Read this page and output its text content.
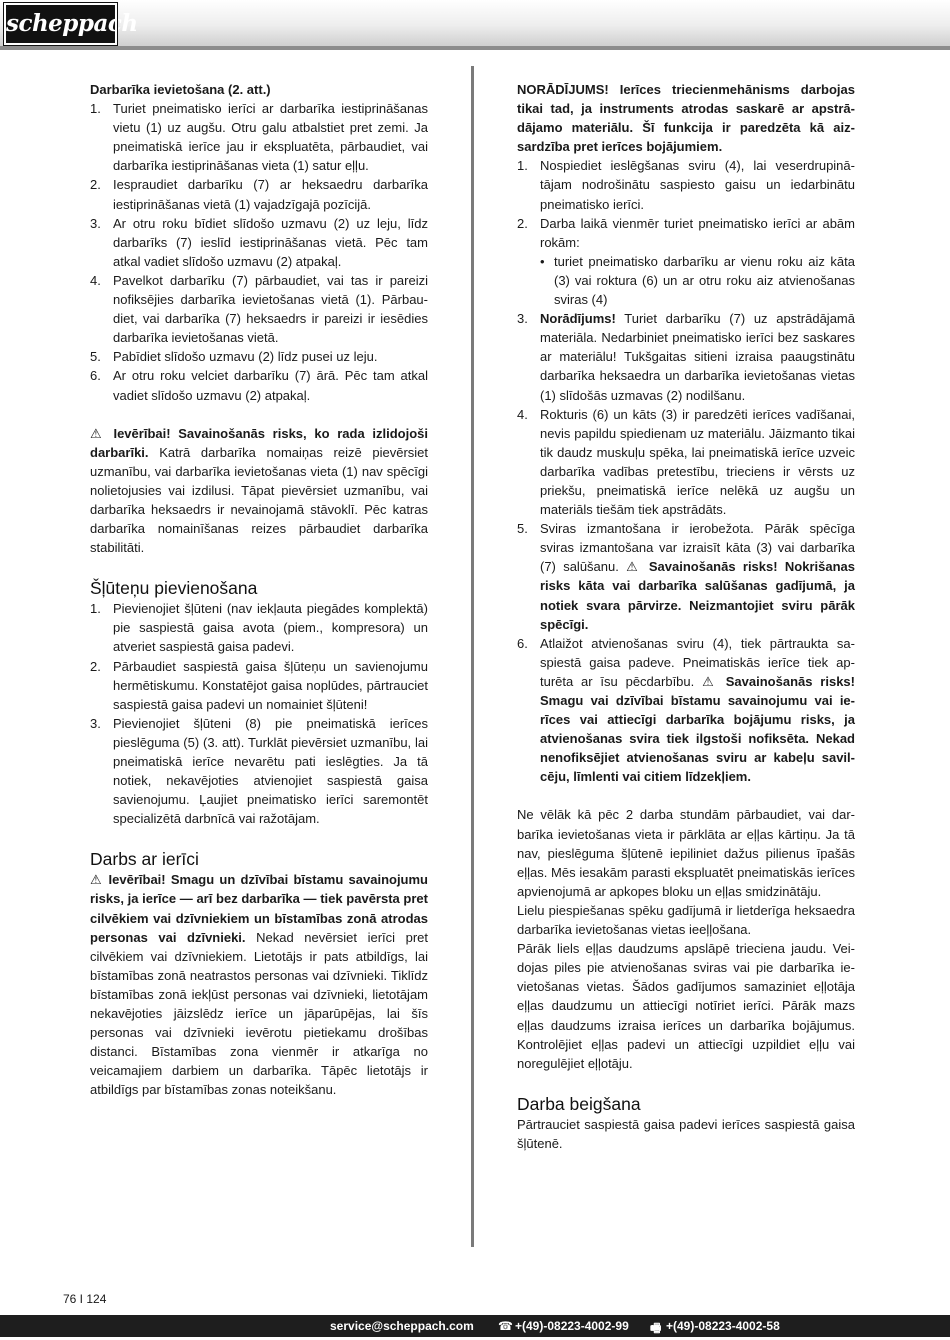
scheppach

Darbarīka ievietošana (2. att.)

1. Turiet pneimatisko ierīci ar darbarīka iestiprināšanas vietu (1) uz augšu. Otru galu atbalstiet pret zemi. Ja pneimatiskā ierīce jau ir ekspluatēta, pārbaudiet, vai darbarīka iestiprināšanas vieta (1) satur eļļu.
2. Iespraudiet darbarīku (7) ar heksaedru darbarīka iestiprināšanas vietā (1) vajadzīgajā pozīcijā.
3. Ar otru roku bīdiet slīdošo uzmavu (2) uz leju, līdz darbarīks (7) ieslīd iestiprināšanas vietā. Pēc tam atkal vadiet slīdošo uzmavu (2) atpakaļ.
4. Pavelkot darbarīku (7) pārbaudiet, vai tas ir pareizi nofiksējies darbarīka ievietošanas vietā (1). Pārbaudiet, vai darbarīka (7) heksaedrs ir pareizi ir iesēdies darbarīka ievietošanas vietā.
5. Pabīdiet slīdošo uzmavu (2) līdz pusei uz leju.
6. Ar otru roku velciet darbarīku (7) ārā. Pēc tam atkal vadiet slīdošo uzmavu (2) atpakaļ.

⚠ Ievērībai! Savainošanās risks, ko rada izlidojoši darbarīki. Katrā darbarīka nomaiņas reizē pievērsiet uzmanību, vai darbarīka ievietošanas vieta (1) nav spēcīgi nolietojusies vai izdilusi. Tāpat pievērsiet uzmanību, vai darbarīka heksaedrs ir nevainojamā stāvoklī. Pēc katras darbarīka nomainīšanas reizes pārbaudiet darbarīka stabilitāti.

Šļūteņu pievienošana
1. Pievienojiet šļūteni (nav iekļauta piegādes komplektā) pie saspiestā gaisa avota (piem., kompresora) un atveriet saspiestā gaisa padevi.
2. Pārbaudiet saspiestā gaisa šļūteņu un savienojumu hermētiskumu. Konstatējot gaisa noplūdes, pārtrauciet saspiestā gaisa padevi un nomainiet šļūteni!
3. Pievienojiet šļūteni (8) pie pneimatiskā ierīces pieslēguma (5) (3. att). Turklāt pievērsiet uzmanību, lai pneimatiskā ierīce nevarētu pati ieslēgties. Ja tā notiek, nekavējoties atvienojiet saspiestā gaisa savienojumu. Ļaujiet pneimatisko ierīci saremontēt specializētā darbnīcā vai ražotājam.
Darbs ar ierīci

⚠ Ievērībai! Smagu un dzīvībai bīstamu savainojumu risks, ja ierīce — arī bez darbarīka — tiek pavērsta pret cilvēkiem vai dzīvniekiem un bīstamības zonā atrodas personas vai dzīvnieki. Nekad nevērsiet ierīci pret cilvēkiem vai dzīvniekiem. Lietotājs ir pats atbildīgs, lai bīstamības zonā neatrastos personas vai dzīvnieki. Tiklīdz bīstamības zonā iekļūst personas vai dzīvnieki, lietotājam nekavējoties jāizslēdz ierīce un jāparūpējas, lai šīs personas vai dzīvnieki ievērotu pietiekamu drošības distanci. Bīstamības zona vienmēr ir atkarīga no veicamajiem darbiem un darbarīka. Tāpēc lietotājs ir atbildīgs par bīstamības zonas noteikšanu.

NORĀDĪJUMS! Ierīces triecienmehānisms darbojas tikai tad, ja instruments atrodas saskarē ar apstrādājamo materiālu. Šī funkcija ir paredzēta kā aizsardzība pret ierīces bojājumiem.

1. Nospiediet ieslēgšanas sviru (4), lai veserdrupinātājam nodrošinātu saspiesto gaisu un iedarbinātu pneimatisko ierīci.
2. Darba laikā vienmēr turiet pneimatisko ierīci ar abām rokām:
• turiet pneimatisko darbarīku ar vienu roku aiz kāta (3) vai roktura (6) un ar otru roku aiz atvienošanas sviras (4)
3. Norādījums! Turiet darbarīku (7) uz apstrādājamā materiāla. Nedarbiniet pneimatisko ierīci bez saskares ar materiālu! Tukšgaitas sitieni izraisa paaugstinātu darbarīka heksaedra un darbarīka ievietošanas vietas (1) slīdošās uzmavas (2) nodilšanu.
4. Rokturis (6) un kāts (3) ir paredzēti ierīces vadīšanai, nevis papildu spiedienam uz materiālu. Jāizmanto tikai tik daudz muskuļu spēka, lai pneimatiskā ierīce uzveic darbarīka vadības pretestību, trieciens ir vērsts uz priekšu, pneimatiskā ierīce nelēkā uz augšu un materiāls tiešām tiek apstrādāts.
5. Sviras izmantošana ir ierobežota. Pārāk spēcīga sviras izmantošana var izraisīt kāta (3) vai darbarīka (7) salūšanu. ⚠ Savainošanās risks! Nokrišanas risks kāta vai darbarīka salūšanas gadījumā, ja notiek svara pārvirze. Neizmantojiet sviru pārāk spēcīgi.
6. Atlaižot atvienošanas sviru (4), tiek pārtraukta saspiestā gaisa padeve. Pneimatiskās ierīce tiek apturēta ar īsu pēcdarbību. ⚠ Savainošanās risks! Smagu vai dzīvībai bīstamu savainojumu vai ierīces vai attiecīgi darbarīka bojājumu risks, ja atvienošanas svira tiek ilgstoši nofiksēta. Nekad nenofiksējiet atvienošanas sviru ar kabeļu savilcēju, līmlenti vai citiem līdzekļiem.

Ne vēlāk kā pēc 2 darba stundām pārbaudiet, vai darbarīka ievietošanas vieta ir pārklāta ar eļļas kārtiņu. Ja tā nav, pieslēguma šļūtenē iepiliniet dažus pilienus īpašās eļļas. Mēs iesakām parasti ekspluatēt pneimatiskās ierīces apvienojumā ar apkopes bloku un eļļas smidzinātāju.

Lielu piespiešanas spēku gadījumā ir lietderīga heksaedra darbarīka ievietošanas vietas ieeļļošana.

Pārāk liels eļļas daudzums apslāpē trieciena jaudu. Veidojas piles pie atvienošanas sviras vai pie darbarīka ievietošanas vietas. Šādos gadījumos samaziniet eļļotāja eļļas daudzumu un attiecīgi notīriet ierīci. Pārāk mazs eļļas daudzums izraisa ierīces un darbarīka bojājumus. Kontrolējiet eļļas padevi un attiecīgi uzpildiet eļļu vai noregulējiet eļļotāju.

Darba beigšana

Pārtrauciet saspiestā gaisa padevi ierīces saspiestā gaisa šļūtenē.

76 I 124
service@scheppach.com ☎ +(49)-08223-4002-99 🖷 +(49)-08223-4002-58
